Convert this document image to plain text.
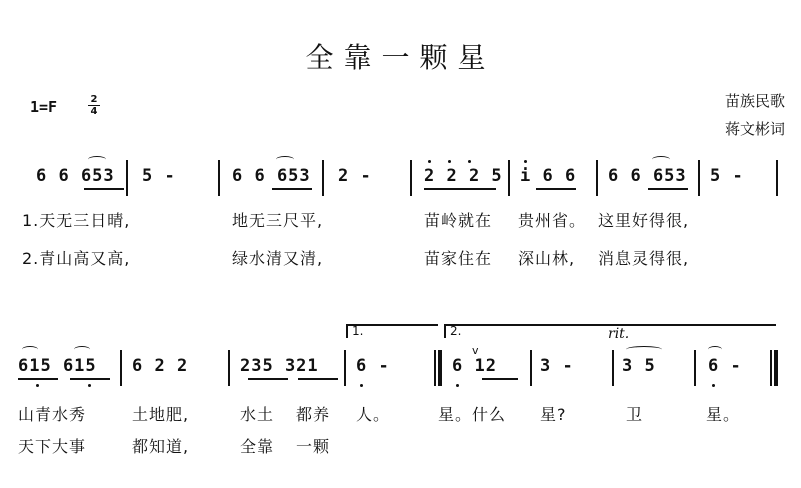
全靠一颗星
1=F	2
4
苗族民歌
蒋文彬词
6 6 653 5 -	6 6 653 2 -	2 2 2 5 i 6 6 6 6 653 5 -
1.天无三日晴,	地无三尺平,	苗岭就在 贵州省。 这里好得很,
2.青山高又高,	绿水清又清,	苗家住在 深山林, 消息灵得很,
1.	2.	rit.
615 615 6 2 2	235 321 6 -	6 12	3 -	3 5	6 -
v
山青水秀	土地肥,	水土 都养 人。	星。什么 星?	卫	星。
天下大事	都知道,	全靠 一颗
